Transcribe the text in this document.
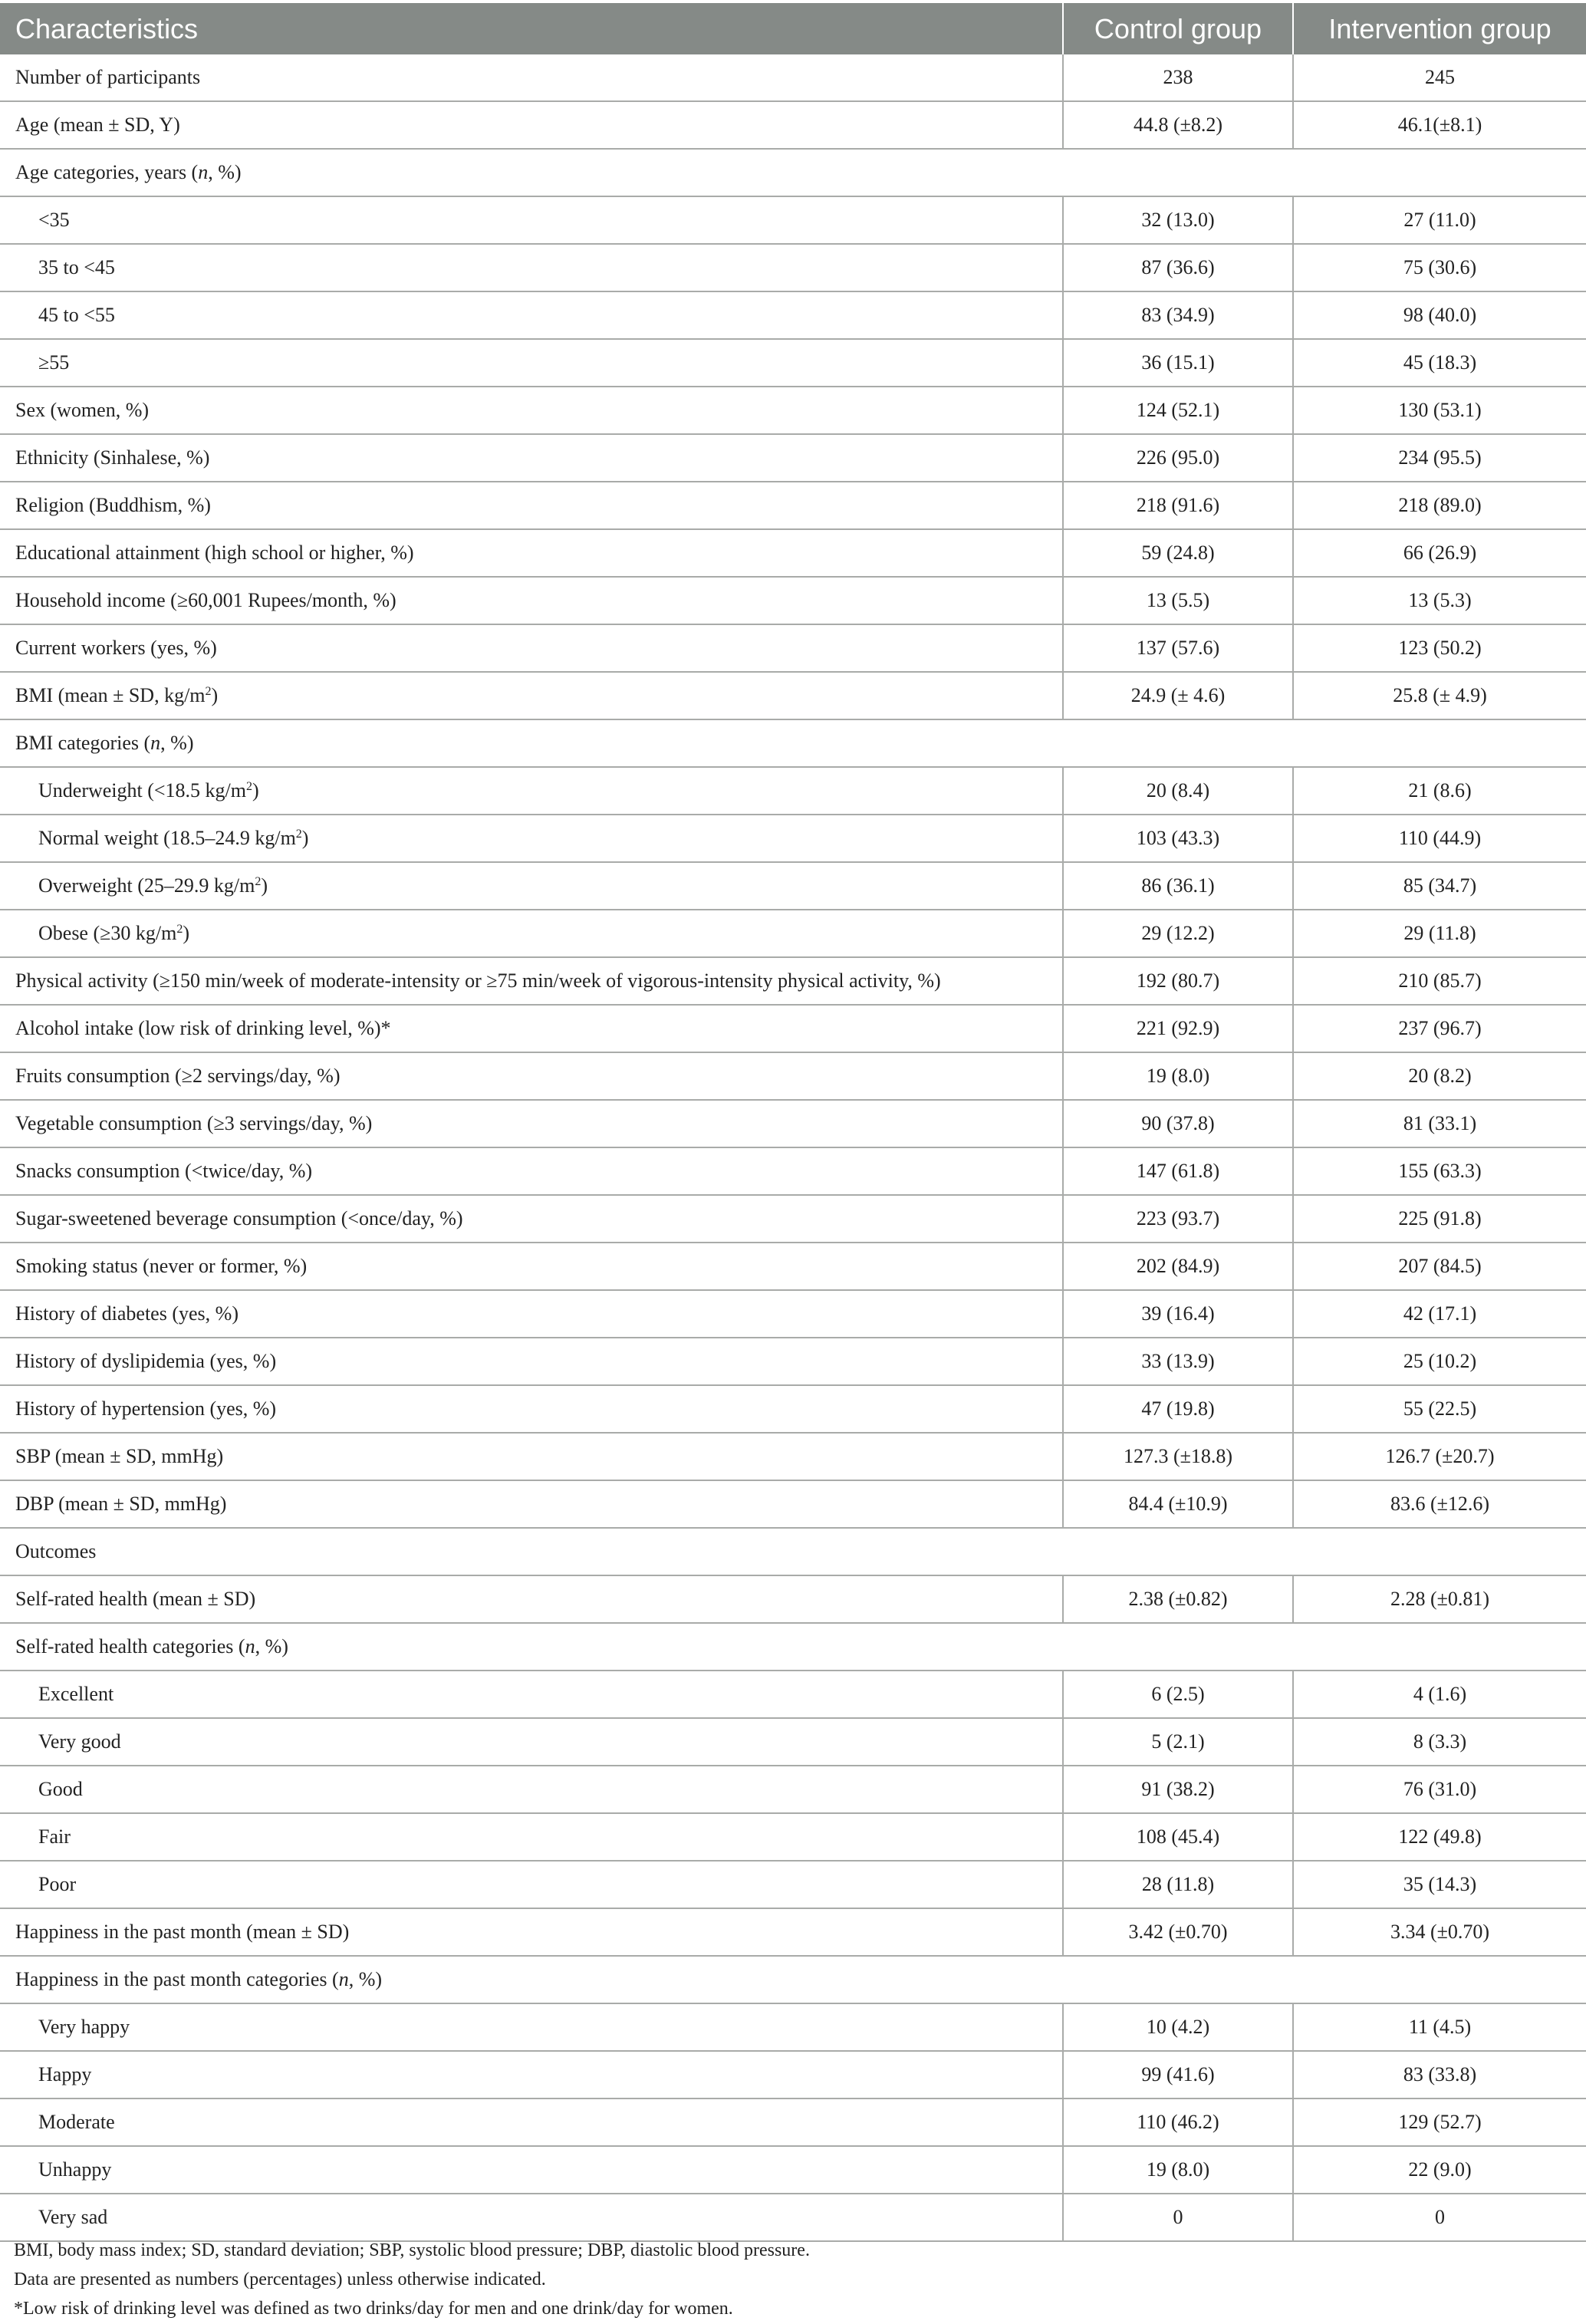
Characteristics	Control group	Intervention group
Number of participants	238	245
Age (mean ± SD, Y)	44.8 (±8.2)	46.1(±8.1)
Age categories, years (n, %)		
<35	32 (13.0)	27 (11.0)
35 to <45	87 (36.6)	75 (30.6)
45 to <55	83 (34.9)	98 (40.0)
≥55	36 (15.1)	45 (18.3)
Sex (women, %)	124 (52.1)	130 (53.1)
Ethnicity (Sinhalese, %)	226 (95.0)	234 (95.5)
Religion (Buddhism, %)	218 (91.6)	218 (89.0)
Educational attainment (high school or higher, %)	59 (24.8)	66 (26.9)
Household income (≥60,001 Rupees/month, %)	13 (5.5)	13 (5.3)
Current workers (yes, %)	137 (57.6)	123 (50.2)
BMI (mean ± SD, $kg/m^2$)	24.9 (± 4.6)	25.8 (± 4.9)
BMI categories (n, %)		
Underweight (<18.5 $kg/m^2$)	20 (8.4)	21 (8.6)
Normal weight (18.5–24.9 $kg/m^2$)	103 (43.3)	110 (44.9)
Overweight (25–29.9 $kg/m^2$)	86 (36.1)	85 (34.7)
Obese (≥30 $kg/m^2$)	29 (12.2)	29 (11.8)
Physical activity (≥150 min/week of moderate-intensity or ≥75 min/week of vigorous-intensity physical activity, %)	192 (80.7)	210 (85.7)
Alcohol intake (low risk of drinking level, %)*	221 (92.9)	237 (96.7)
Fruits consumption (≥2 servings/day, %)	19 (8.0)	20 (8.2)
Vegetable consumption (≥3 servings/day, %)	90 (37.8)	81 (33.1)
Snacks consumption (<twice/day, %)	147 (61.8)	155 (63.3)
Sugar-sweetened beverage consumption (<once/day, %)	223 (93.7)	225 (91.8)
Smoking status (never or former, %)	202 (84.9)	207 (84.5)
History of diabetes (yes, %)	39 (16.4)	42 (17.1)
History of dyslipidemia (yes, %)	33 (13.9)	25 (10.2)
History of hypertension (yes, %)	47 (19.8)	55 (22.5)
SBP (mean ± SD, mmHg)	127.3 (±18.8)	126.7 (±20.7)
DBP (mean ± SD, mmHg)	84.4 (±10.9)	83.6 (±12.6)
Outcomes		
Self-rated health (mean ± SD)	2.38 (±0.82)	2.28 (±0.81)
Self-rated health categories (n, %)		
Excellent	6 (2.5)	4 (1.6)
Very good	5 (2.1)	8 (3.3)
Good	91 (38.2)	76 (31.0)
Fair	108 (45.4)	122 (49.8)
Poor	28 (11.8)	35 (14.3)
Happiness in the past month (mean ± SD)	3.42 (±0.70)	3.34 (±0.70)
Happiness in the past month categories (n, %)		
Very happy	10 (4.2)	11 (4.5)
Happy	99 (41.6)	83 (33.8)
Moderate	110 (46.2)	129 (52.7)
Unhappy	19 (8.0)	22 (9.0)
Very sad	0	0
BMI, body mass index; SD, standard deviation; SBP, systolic blood pressure; DBP, diastolic blood pressure.
Data are presented as numbers (percentages) unless otherwise indicated.
*Low risk of drinking level was defined as two drinks/day for men and one drink/day for women.
